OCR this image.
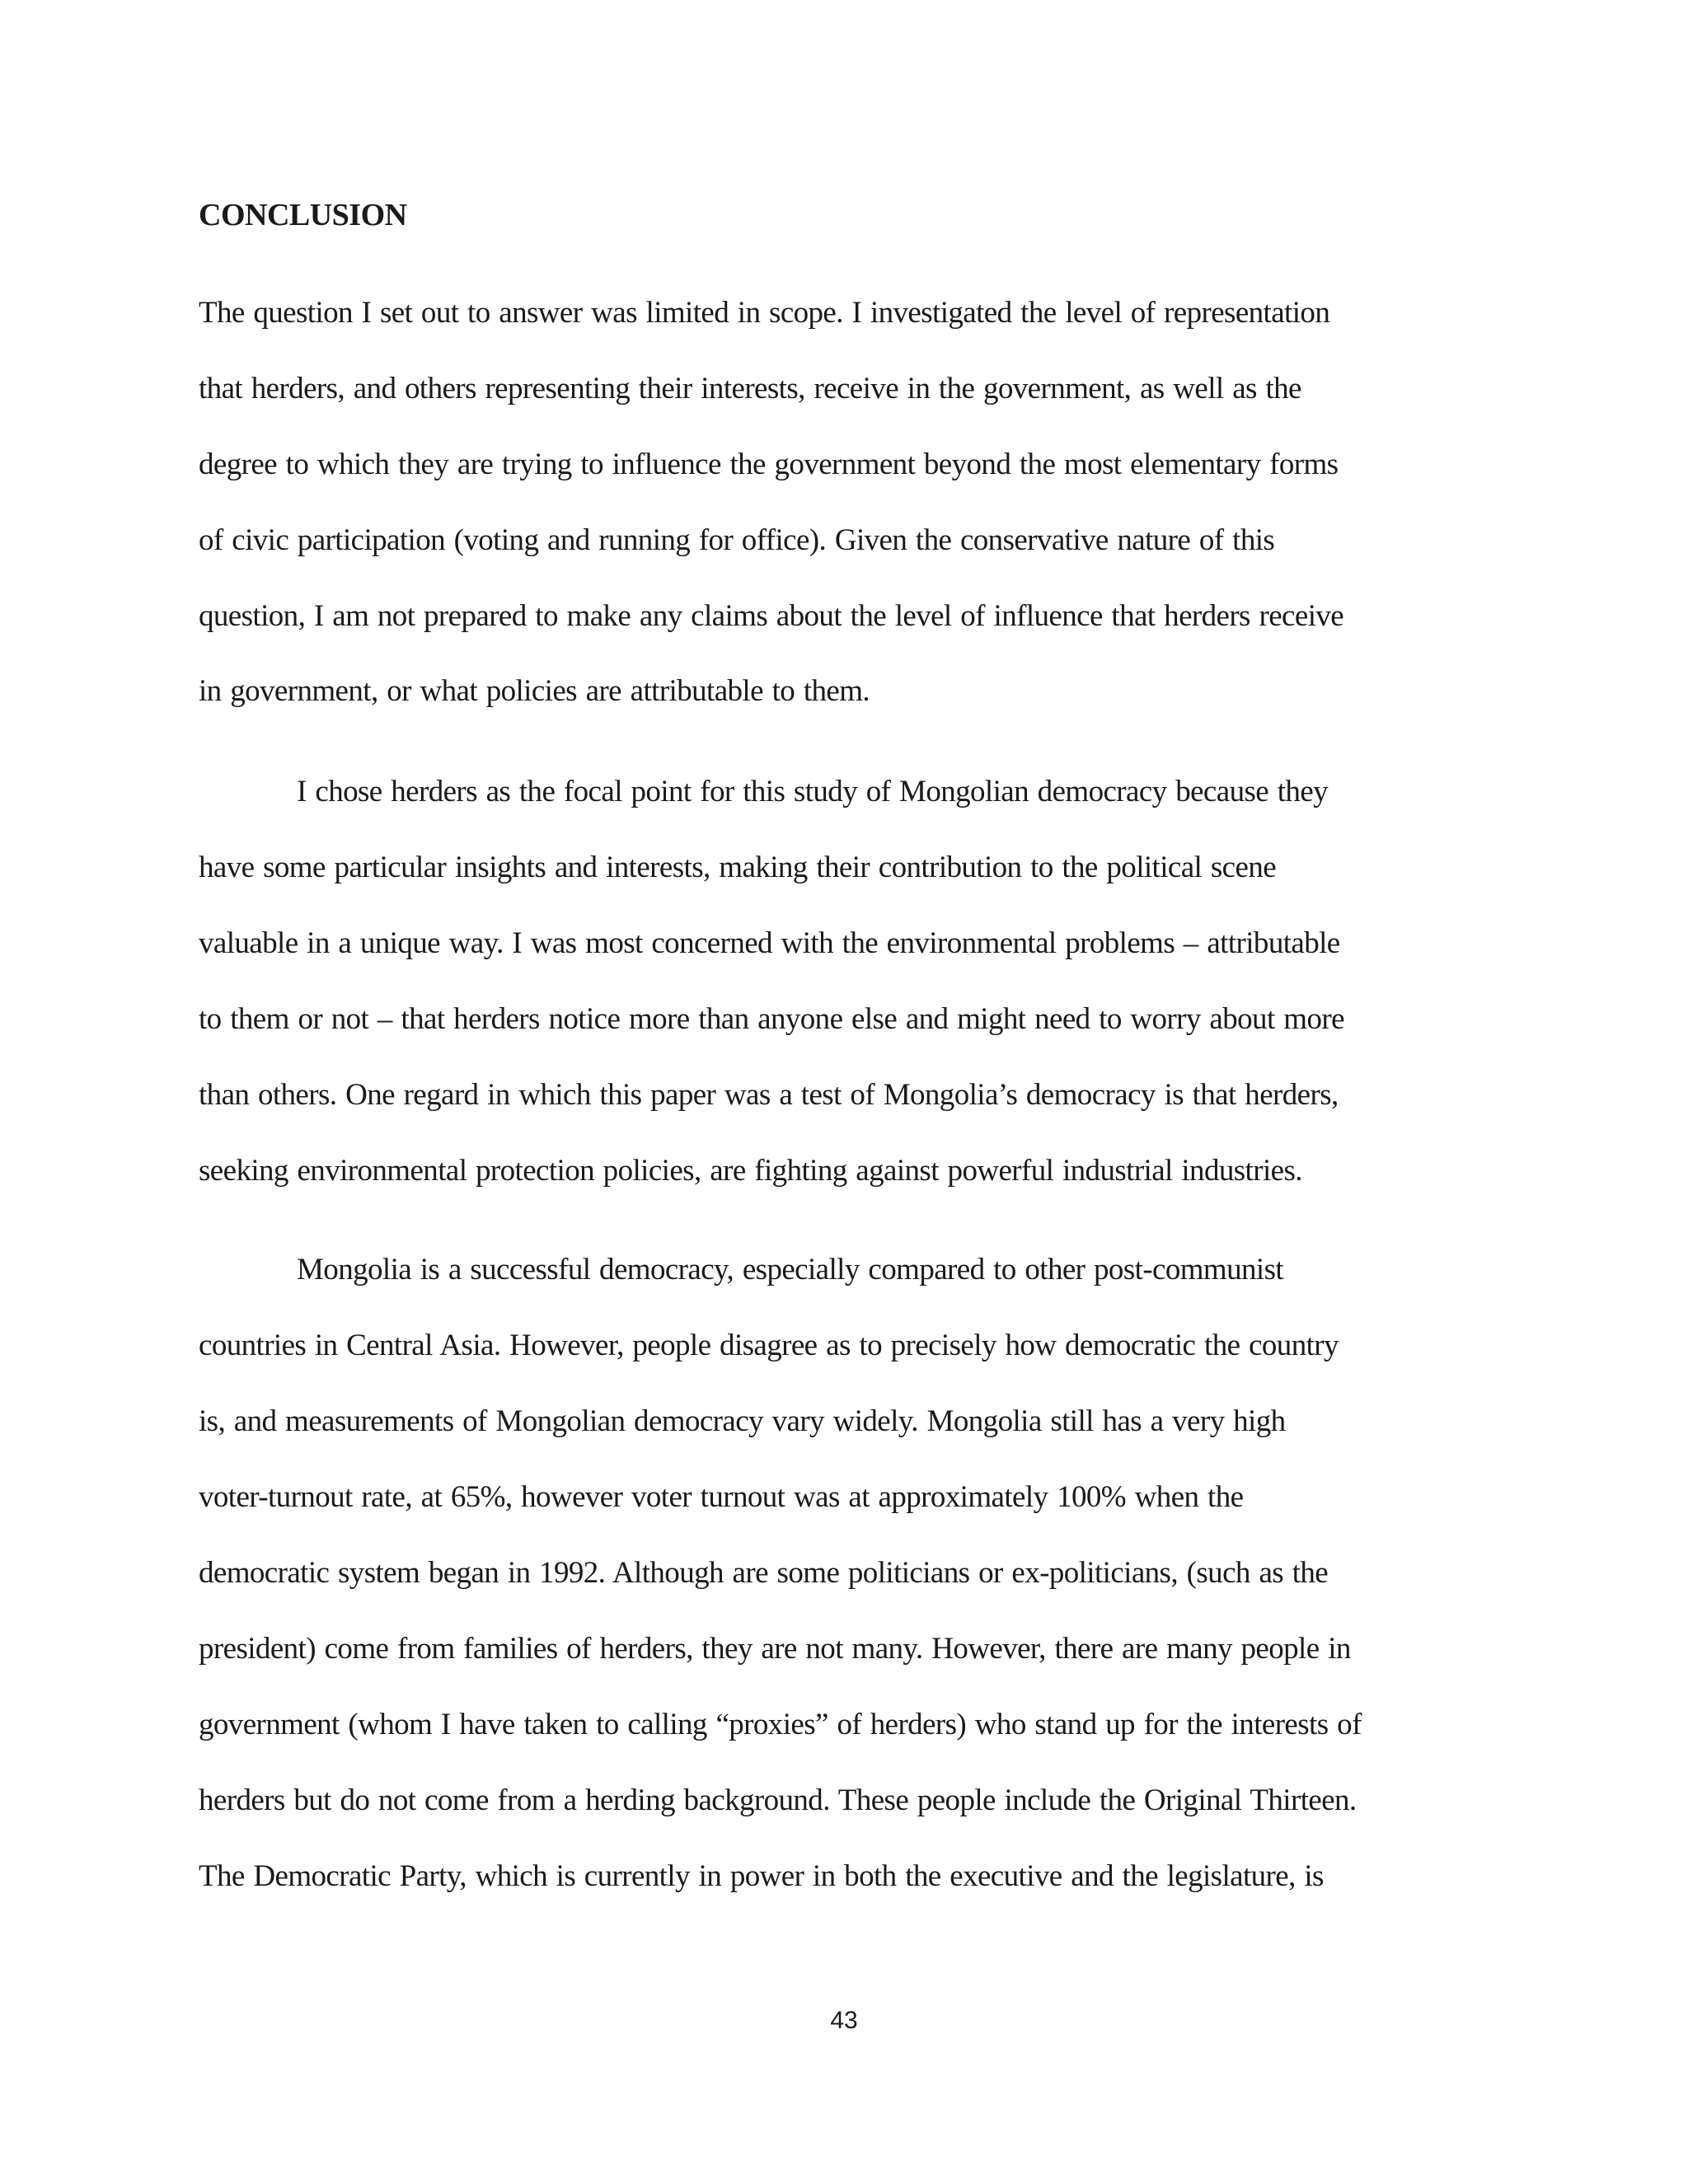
CONCLUSION
The question I set out to answer was limited in scope. I investigated the level of representation
that herders, and others representing their interests, receive in the government, as well as the
degree to which they are trying to influence the government beyond the most elementary forms
of civic participation (voting and running for office). Given the conservative nature of this
question, I am not prepared to make any claims about the level of influence that herders receive
in government, or what policies are attributable to them.
I chose herders as the focal point for this study of Mongolian democracy because they
have some particular insights and interests, making their contribution to the political scene
valuable in a unique way. I was most concerned with the environmental problems – attributable
to them or not – that herders notice more than anyone else and might need to worry about more
than others. One regard in which this paper was a test of Mongolia’s democracy is that herders,
seeking environmental protection policies, are fighting against powerful industrial industries.
Mongolia is a successful democracy, especially compared to other post-communist
countries in Central Asia. However, people disagree as to precisely how democratic the country
is, and measurements of Mongolian democracy vary widely. Mongolia still has a very high
voter-turnout rate, at 65%, however voter turnout was at approximately 100% when the
democratic system began in 1992. Although are some politicians or ex-politicians, (such as the
president) come from families of herders, they are not many. However, there are many people in
government (whom I have taken to calling “proxies” of herders) who stand up for the interests of
herders but do not come from a herding background. These people include the Original Thirteen.
The Democratic Party, which is currently in power in both the executive and the legislature, is
43
